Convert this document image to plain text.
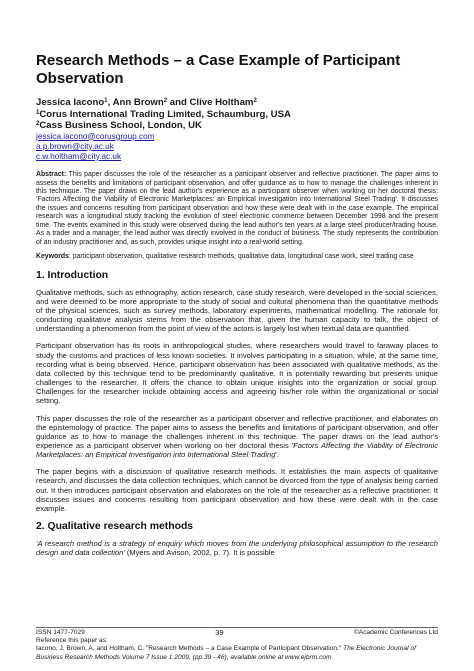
Research Methods – a Case Example of Participant Observation
Jessica Iacono$^1$, Ann Brown$^2$ and Clive Holtham$^2$
$^1$Corus International Trading Limited, Schaumburg, USA
$^2$Cass Business School, London, UK
jessica.iacono@corusgroup.com
a.p.brown@city.ac.uk
c.w.holtham@city.ac.uk

Abstract: This paper discusses the role of the researcher as a participant observer and reflective practitioner. The paper aims to assess the benefits and limitations of participant observation, and offer guidance as to how to manage the challenges inherent in this technique. The paper draws on the lead author's experience as a participant observer when working on her doctoral thesis: 'Factors Affecting the Viability of Electronic Marketplaces: an Empirical Investigation into International Steel Trading'. It discusses the issues and concerns resulting from participant observation and how these were dealt with in the case example. The empirical research was a longitudinal study tracking the evolution of steel electronic commerce between December 1998 and the present time. The events examined in this study were observed during the lead author's ten years at a large steel producer/trading house. As a trader and a manager, the lead author was directly involved in the conduct of business. The study represents the contribution of an industry practitioner and, as such, provides unique insight into a real-world setting.

Keywords: participant observation, qualitative research methods, qualitative data, longitudinal case work, steel trading case

1. Introduction

Qualitative methods, such as ethnography, action research, case study research, were developed in the social sciences, and were deemed to be more appropriate to the study of social and cultural phenomena than the quantitative methods of the physical sciences, such as survey methods, laboratory experiments, mathematical modelling. The rationale for conducting qualitative analysis stems from the observation that, given the human capacity to talk, the object of understanding a phenomenon from the point of view of the actors is largely lost when textual data are quantified.

Participant observation has its roots in anthropological studies, where researchers would travel to faraway places to study the customs and practices of less known societies. It involves participating in a situation, while, at the same time, recording what is being observed. Hence, participant observation has been associated with qualitative methods, as the data collected by this technique tend to be predominantly qualitative. It is potentially rewarding but presents unique challenges to the researcher. It offers the chance to obtain unique insights into the organization or social group. Challenges for the researcher include obtaining access and agreeing his/her role within the organizational or social setting.

This paper discusses the role of the researcher as a participant observer and reflective practitioner, and elaborates on the epistemology of practice. The paper aims to assess the benefits and limitations of participant observation, and offer guidance as to how to manage the challenges inherent in this technique. The paper draws on the lead author's experience as a participant observer when working on her doctoral thesis 'Factors Affecting the Viability of Electronic Marketplaces: an Empirical Investigation into International Steel Trading'.

The paper begins with a discussion of qualitative research methods. It establishes the main aspects of qualitative research, and discusses the data collection techniques, which cannot be divorced from the type of analysis being carried out. It then introduces participant observation and elaborates on the role of the researcher as a reflective practitioner. It discusses issues and concerns resulting from participant observation and how these were dealt with in the case example.

2. Qualitative research methods

'A research method is a strategy of enquiry which moves from the underlying philosophical assumption to the research design and data collection' (Myers and Avison, 2002, p. 7). It is possible

ISSN 1477-7029	39	©Academic Conferences Ltd
Reference this paper as:
Iacono, J. Brown, A. and Holtham, C. "Research Methods – a Case Example of Participant Observation." The Electronic Journal of Business Research Methods Volume 7 Issue 1 2009, (pp.39 - 46), available online at www.ejbrm.com
